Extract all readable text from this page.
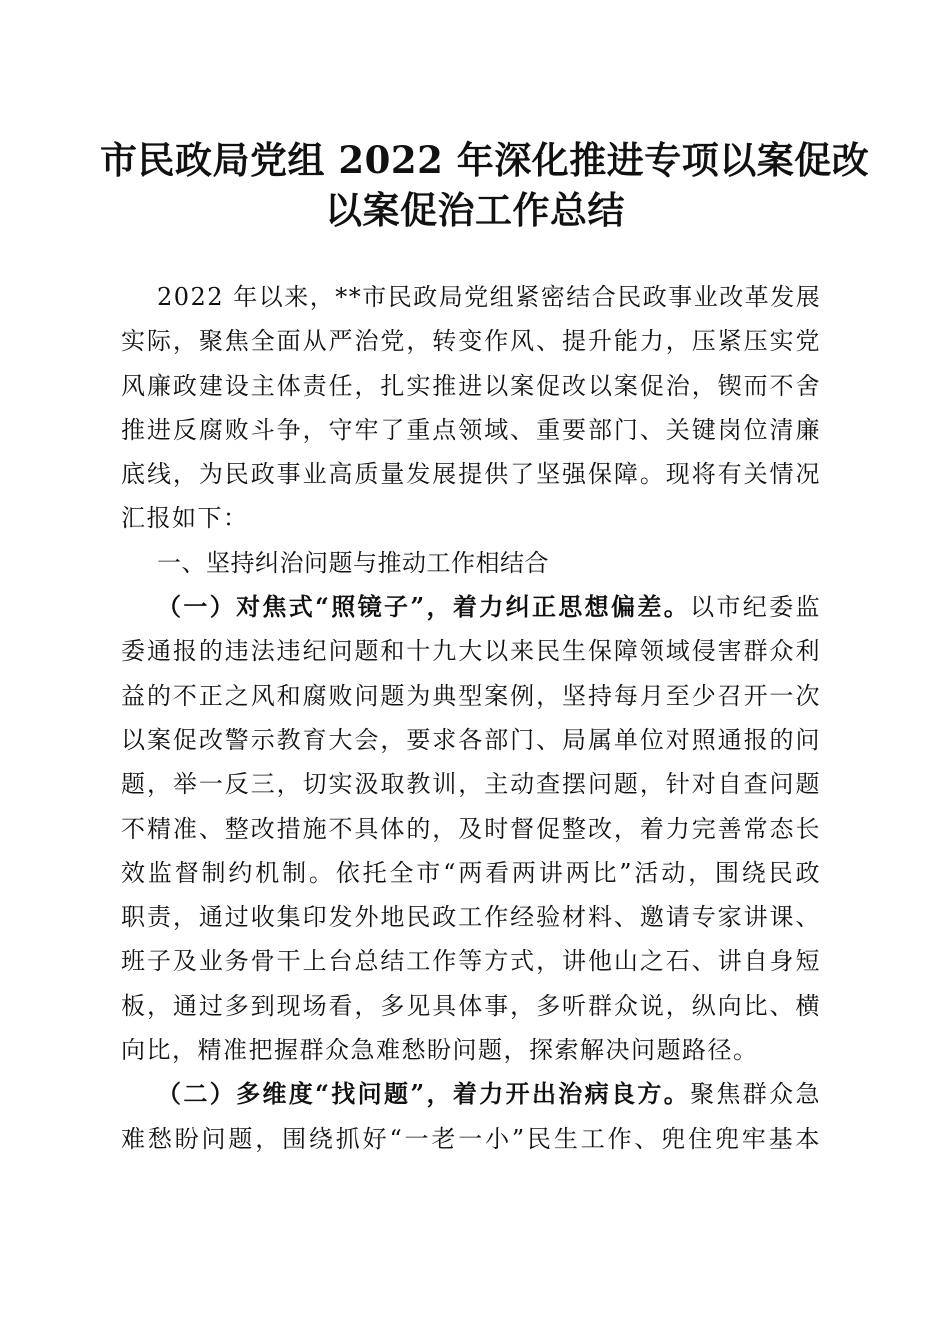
市民政局党组 2022 年深化推进专项以案促改
以案促治工作总结
2022 年以来，**市民政局党组紧密结合民政事业改革发展
实际，聚焦全面从严治党，转变作风、提升能力，压紧压实党
风廉政建设主体责任，扎实推进以案促改以案促治，锲而不舍
推进反腐败斗争，守牢了重点领域、重要部门、关键岗位清廉
底线，为民政事业高质量发展提供了坚强保障。现将有关情况
汇报如下：
一、坚持纠治问题与推动工作相结合
（一）对焦式“照镜子”，着力纠正思想偏差。以市纪委监
委通报的违法违纪问题和十九大以来民生保障领域侵害群众利
益的不正之风和腐败问题为典型案例，坚持每月至少召开一次
以案促改警示教育大会，要求各部门、局属单位对照通报的问
题，举一反三，切实汲取教训，主动查摆问题，针对自查问题
不精准、整改措施不具体的，及时督促整改，着力完善常态长
效监督制约机制。依托全市“两看两讲两比”活动，围绕民政
职责，通过收集印发外地民政工作经验材料、邀请专家讲课、
班子及业务骨干上台总结工作等方式，讲他山之石、讲自身短
板，通过多到现场看，多见具体事，多听群众说，纵向比、横
向比，精准把握群众急难愁盼问题，探索解决问题路径。
（二）多维度“找问题”，着力开出治病良方。聚焦群众急
难愁盼问题，围绕抓好“一老一小”民生工作、兜住兜牢基本
